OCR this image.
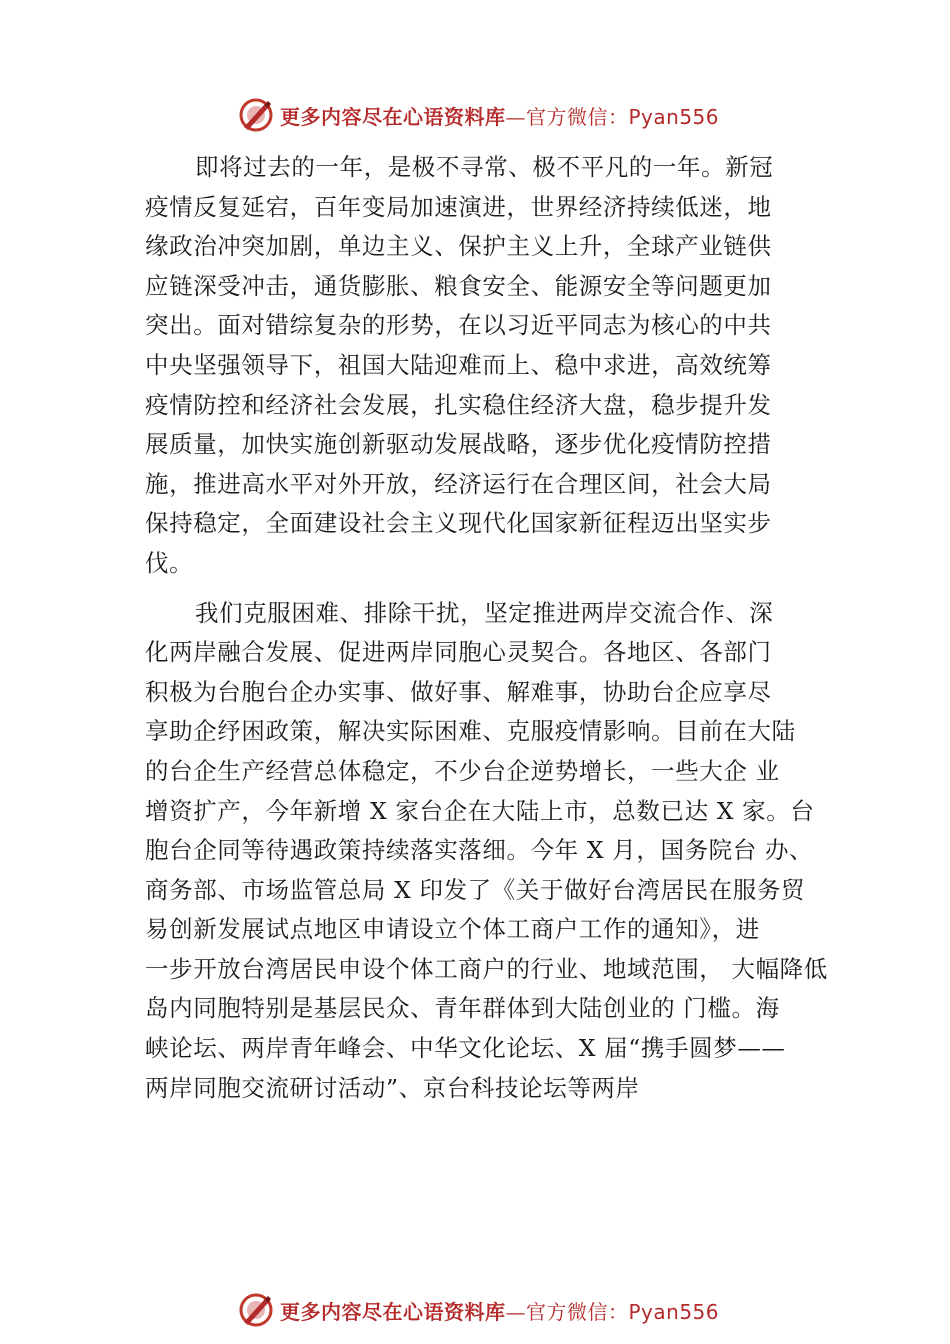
更多内容尽在心语资料库—官方微信：Pyan556
即将过去的一年，是极不寻常、极不平凡的一年。新冠
疫情反复延宕，百年变局加速演进，世界经济持续低迷，地
缘政治冲突加剧，单边主义、保护主义上升，全球产业链供
应链深受冲击，通货膨胀、粮食安全、能源安全等问题更加
突出。面对错综复杂的形势，在以习近平同志为核心的中共
中央坚强领导下，祖国大陆迎难而上、稳中求进，高效统筹
疫情防控和经济社会发展，扎实稳住经济大盘，稳步提升发
展质量，加快实施创新驱动发展战略，逐步优化疫情防控措
施，推进高水平对外开放，经济运行在合理区间，社会大局
保持稳定，全面建设社会主义现代化国家新征程迈出坚实步
伐。
我们克服困难、排除干扰，坚定推进两岸交流合作、深
化两岸融合发展、促进两岸同胞心灵契合。各地区、各部门
积极为台胞台企办实事、做好事、解难事，协助台企应享尽
享助企纾困政策，解决实际困难、克服疫情影响。目前在大陆
的台企生产经营总体稳定，不少台企逆势增长，一些大企 业
增资扩产，今年新增 X 家台企在大陆上市，总数已达 X 家。台
胞台企同等待遇政策持续落实落细。今年 X 月，国务院台 办、
商务部、市场监管总局 X 印发了《关于做好台湾居民在服务贸
易创新发展试点地区申请设立个体工商户工作的通知》，进
一步开放台湾居民申设个体工商户的行业、地域范围， 大幅降低
岛内同胞特别是基层民众、青年群体到大陆创业的 门槛。海
峡论坛、两岸青年峰会、中华文化论坛、X 届“携手圆梦——
两岸同胞交流研讨活动”、京台科技论坛等两岸
更多内容尽在心语资料库—官方微信：Pyan556
